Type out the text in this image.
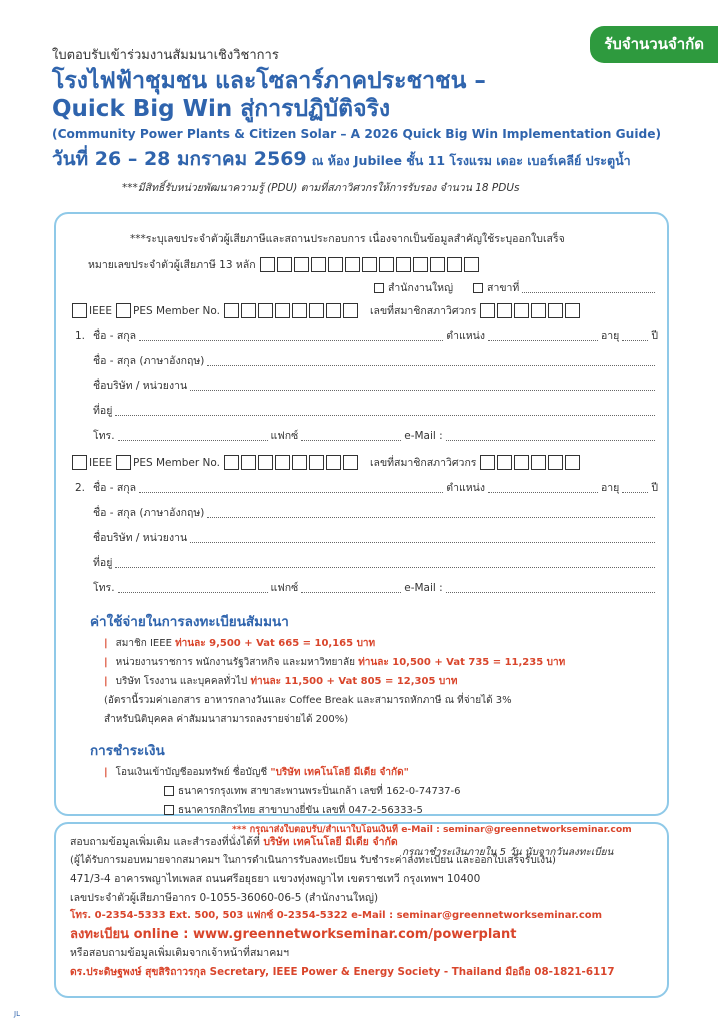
รับจำนวนจำกัด
ใบตอบรับเข้าร่วมงานสัมมนาเชิงวิชาการ
โรงไฟฟ้าชุมชน และโซลาร์ภาคประชาชน –
Quick Big Win สู่การปฏิบัติจริง
(Community Power Plants & Citizen Solar – A 2026 Quick Big Win Implementation Guide)
วันที่ 26 – 28 มกราคม 2569 ณ ห้อง Jubilee ชั้น 11 โรงแรม เดอะ เบอร์เคลีย์ ประตูน้ำ
***มีสิทธิ์รับหน่วยพัฒนาความรู้ (PDU) ตามที่สภาวิศวกรให้การรับรอง จำนวน 18 PDUs
***ระบุเลขประจำตัวผู้เสียภาษีและสถานประกอบการ เนื่องจากเป็นข้อมูลสำคัญใช้ระบุออกใบเสร็จ
หมายเลขประจำตัวผู้เสียภาษี 13 หลัก
สำนักงานใหญ่	สาขาที่
IEEE PES Member No.	เลขที่สมาชิกสภาวิศวกร
1. ชื่อ - สกุล	ตำแหน่ง	อายุ	ปี
ชื่อ - สกุล (ภาษาอังกฤษ)
ชื่อบริษัท / หน่วยงาน
ที่อยู่
โทร.	แฟกซ์	e-Mail :
IEEE PES Member No.	เลขที่สมาชิกสภาวิศวกร
2. ชื่อ - สกุล	ตำแหน่ง	อายุ	ปี
ชื่อ - สกุล (ภาษาอังกฤษ)
ชื่อบริษัท / หน่วยงาน
ที่อยู่
โทร.	แฟกซ์	e-Mail :
ค่าใช้จ่ายในการลงทะเบียนสัมมนา
| สมาชิก IEEE ท่านละ 9,500 + Vat 665 = 10,165 บาท
| หน่วยงานราชการ พนักงานรัฐวิสาหกิจ และมหาวิทยาลัย ท่านละ 10,500 + Vat 735 = 11,235 บาท
| บริษัท โรงงาน และบุคคลทั่วไป ท่านละ 11,500 + Vat 805 = 12,305 บาท
(อัตรานี้รวมค่าเอกสาร อาหารกลางวันและ Coffee Break และสามารถหักภาษี ณ ที่จ่ายได้ 3%
สำหรับนิติบุคคล ค่าสัมมนาสามารถลงรายจ่ายได้ 200%)
การชำระเงิน
| โอนเงินเข้าบัญชีออมทรัพย์ ชื่อบัญชี "บริษัท เทคโนโลยี มีเดีย จำกัด"
ธนาคารกรุงเทพ สาขาสะพานพระปิ่นเกล้า เลขที่ 162-0-74737-6
ธนาคารกสิกรไทย สาขาบางยี่ขัน เลขที่ 047-2-56333-5
*** กรุณาส่งใบตอบรับ/สำเนาใบโอนเงินที่ e-Mail : seminar@greennetworkseminar.com
กรุณาชำระเงินภายใน 5 วัน นับจากวันลงทะเบียน
สอบถามข้อมูลเพิ่มเติม และสำรองที่นั่งได้ที่ บริษัท เทคโนโลยี มีเดีย จำกัด
(ผู้ได้รับการมอบหมายจากสมาคมฯ ในการดำเนินการรับลงทะเบียน รับชำระค่าลงทะเบียน และออกใบเสร็จรับเงิน)
471/3-4 อาคารพญาไทเพลส ถนนศรีอยุธยา แขวงทุ่งพญาไท เขตราชเทวี กรุงเทพฯ 10400
เลขประจำตัวผู้เสียภาษีอากร 0-1055-36060-06-5 (สำนักงานใหญ่)
โทร. 0-2354-5333 Ext. 500, 503 แฟกซ์ 0-2354-5322 e-Mail : seminar@greennetworkseminar.com
ลงทะเบียน online : www.greennetworkseminar.com/powerplant
หรือสอบถามข้อมูลเพิ่มเติมจากเจ้าหน้าที่สมาคมฯ
ดร.ประดิษฐพงษ์ สุขสิริถาวรกุล Secretary, IEEE Power & Energy Society - Thailand มือถือ 08-1821-6117
JL
